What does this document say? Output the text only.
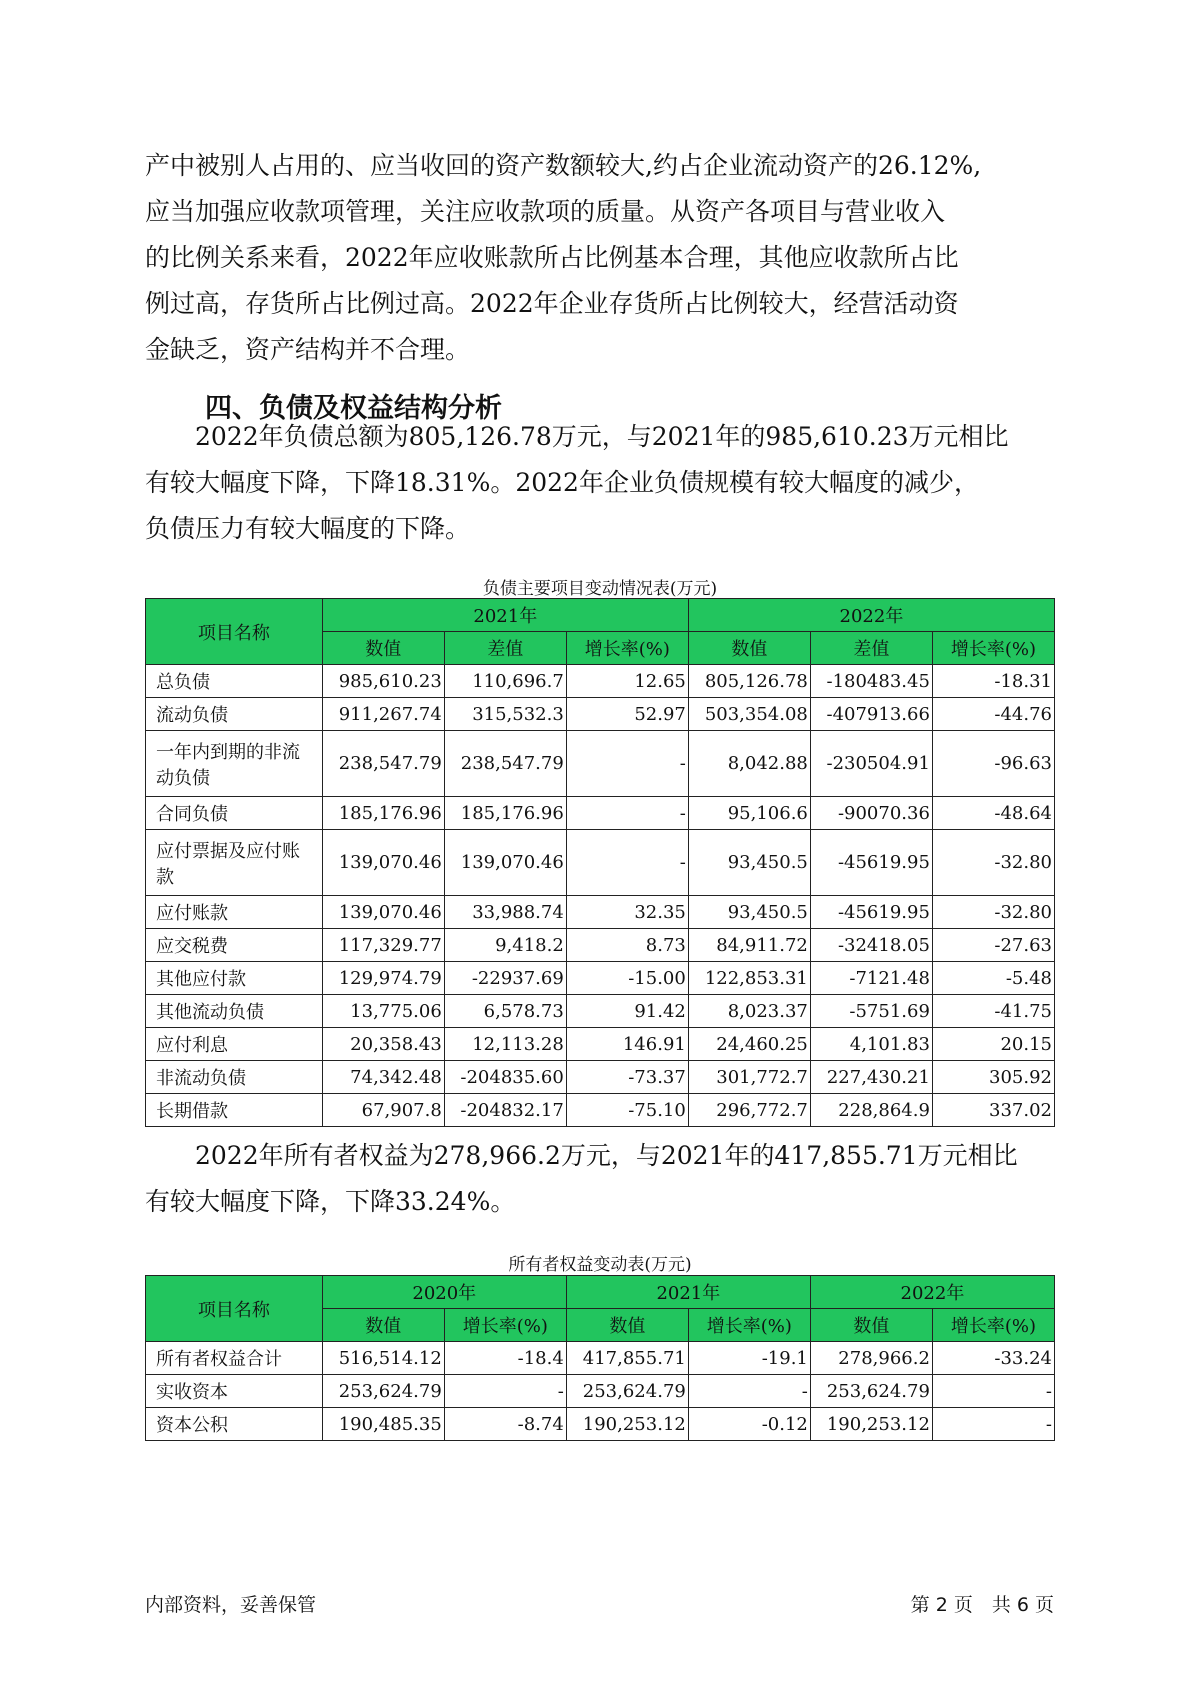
产中被别人占用的、应当收回的资产数额较大,约占企业流动资产的26.12%,
应当加强应收款项管理，关注应收款项的质量。从资产各项目与营业收入
的比例关系来看，2022年应收账款所占比例基本合理，其他应收款所占比
例过高，存货所占比例过高。2022年企业存货所占比例较大，经营活动资
金缺乏，资产结构并不合理。
四、负债及权益结构分析
　　2022年负债总额为805,126.78万元，与2021年的985,610.23万元相比
有较大幅度下降，下降18.31%。2022年企业负债规模有较大幅度的减少，
负债压力有较大幅度的下降。
负债主要项目变动情况表(万元)
项目名称	2021年			2022年		
	数值	差值	增长率(%)	数值	差值	增长率(%)

总负债	985,610.23	110,696.7	12.65	805,126.78	-180483.45	-18.31

流动负债	911,267.74	315,532.3	52.97	503,354.08	-407913.66	-44.76

一年内到期的非流
动负债	238,547.79	238,547.79	-	8,042.88	-230504.91	-96.63

合同负债	185,176.96	185,176.96	-	95,106.6	-90070.36	-48.64

应付票据及应付账
款	139,070.46	139,070.46	-	93,450.5	-45619.95	-32.80

应付账款	139,070.46	33,988.74	32.35	93,450.5	-45619.95	-32.80

应交税费	117,329.77	9,418.2	8.73	84,911.72	-32418.05	-27.63

其他应付款	129,974.79	-22937.69	-15.00	122,853.31	-7121.48	-5.48

其他流动负债	13,775.06	6,578.73	91.42	8,023.37	-5751.69	-41.75

应付利息	20,358.43	12,113.28	146.91	24,460.25	4,101.83	20.15

非流动负债	74,342.48	-204835.60	-73.37	301,772.7	227,430.21	305.92

长期借款	67,907.8	-204832.17	-75.10	296,772.7	228,864.9	337.02
　　2022年所有者权益为278,966.2万元，与2021年的417,855.71万元相比
有较大幅度下降，下降33.24%。
所有者权益变动表(万元)
项目名称	2020年		2021年		2022年	
	数值	增长率(%)	数值	增长率(%)	数值	增长率(%)

所有者权益合计	516,514.12	-18.4	417,855.71	-19.1	278,966.2	-33.24

实收资本	253,624.79	-	253,624.79	-	253,624.79	-

资本公积	190,485.35	-8.74	190,253.12	-0.12	190,253.12	-
内部资料，妥善保管	第 2 页　共 6 页
